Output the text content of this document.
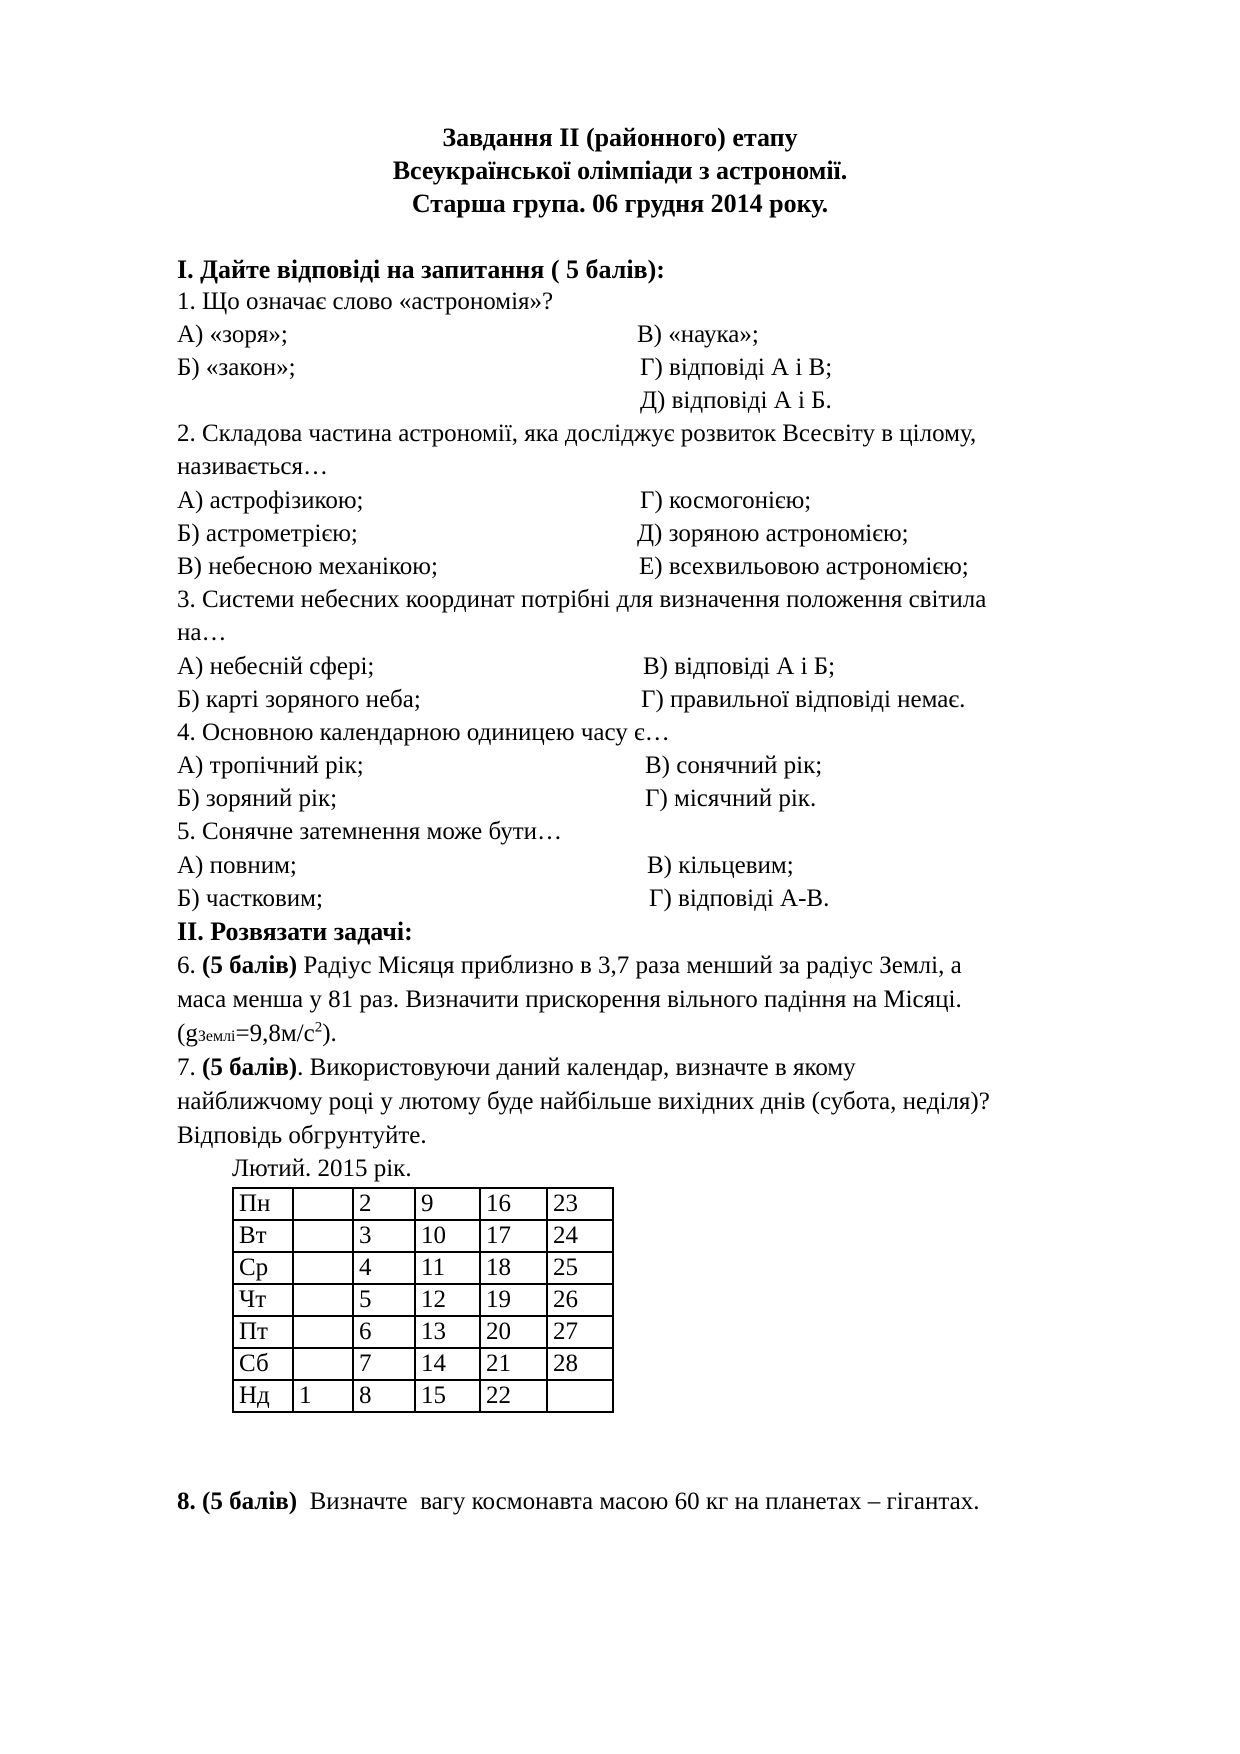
Завдання ІІ (районного) етапу
Всеукраїнської олімпіади з астрономії.
Старша група. 06 грудня 2014 року.
І. Дайте відповіді на запитання ( 5 балів):
1. Що означає слово «астрономія»?
А) «зоря»;	В) «наука»;
Б) «закон»;	Г) відповіді А і В;
Д) відповіді А і Б.
2. Складова частина астрономії, яка досліджує розвиток Всесвіту в цілому,
називається…
А) астрофізикою;	Г) космогонією;
Б) астрометрією;	Д) зоряною астрономією;
В) небесною механікою;	Е) всехвильовою астрономією;
3. Системи небесних координат потрібні для визначення положення світила
на…
А) небесній сфері;	В) відповіді А і Б;
Б) карті зоряного неба;	Г) правильної відповіді немає.
4. Основною календарною одиницею часу є…
А) тропічний рік;	В) сонячний рік;
Б) зоряний рік;	Г) місячний рік.
5. Сонячне затемнення може бути…
А) повним;	В) кільцевим;
Б) частковим;	Г) відповіді А-В.
ІІ. Розвязати задачі:
6. (5 балів) Радіус Місяця приблизно в 3,7 раза менший за радіус Землі, а
маса менша у 81 раз. Визначити прискорення вільного падіння на Місяці.
$(gЗемлі=9,8м/с^2)$.
7. (5 балів). Використовуючи даний календар, визначте в якому
найближчому році у лютому буде найбільше вихідних днів (субота, неділя)?
Відповідь обгрунтуйте.
Лютий. 2015 рік.
Пн		2	9	16	23
Вт		3	10	17	24
Ср		4	11	18	25
Чт		5	12	19	26
Пт		6	13	20	27
Сб		7	14	21	28
Нд	1	8	15	22	
8. (5 балів)  Визначте  вагу космонавта масою 60 кг на планетах – гігантах.
